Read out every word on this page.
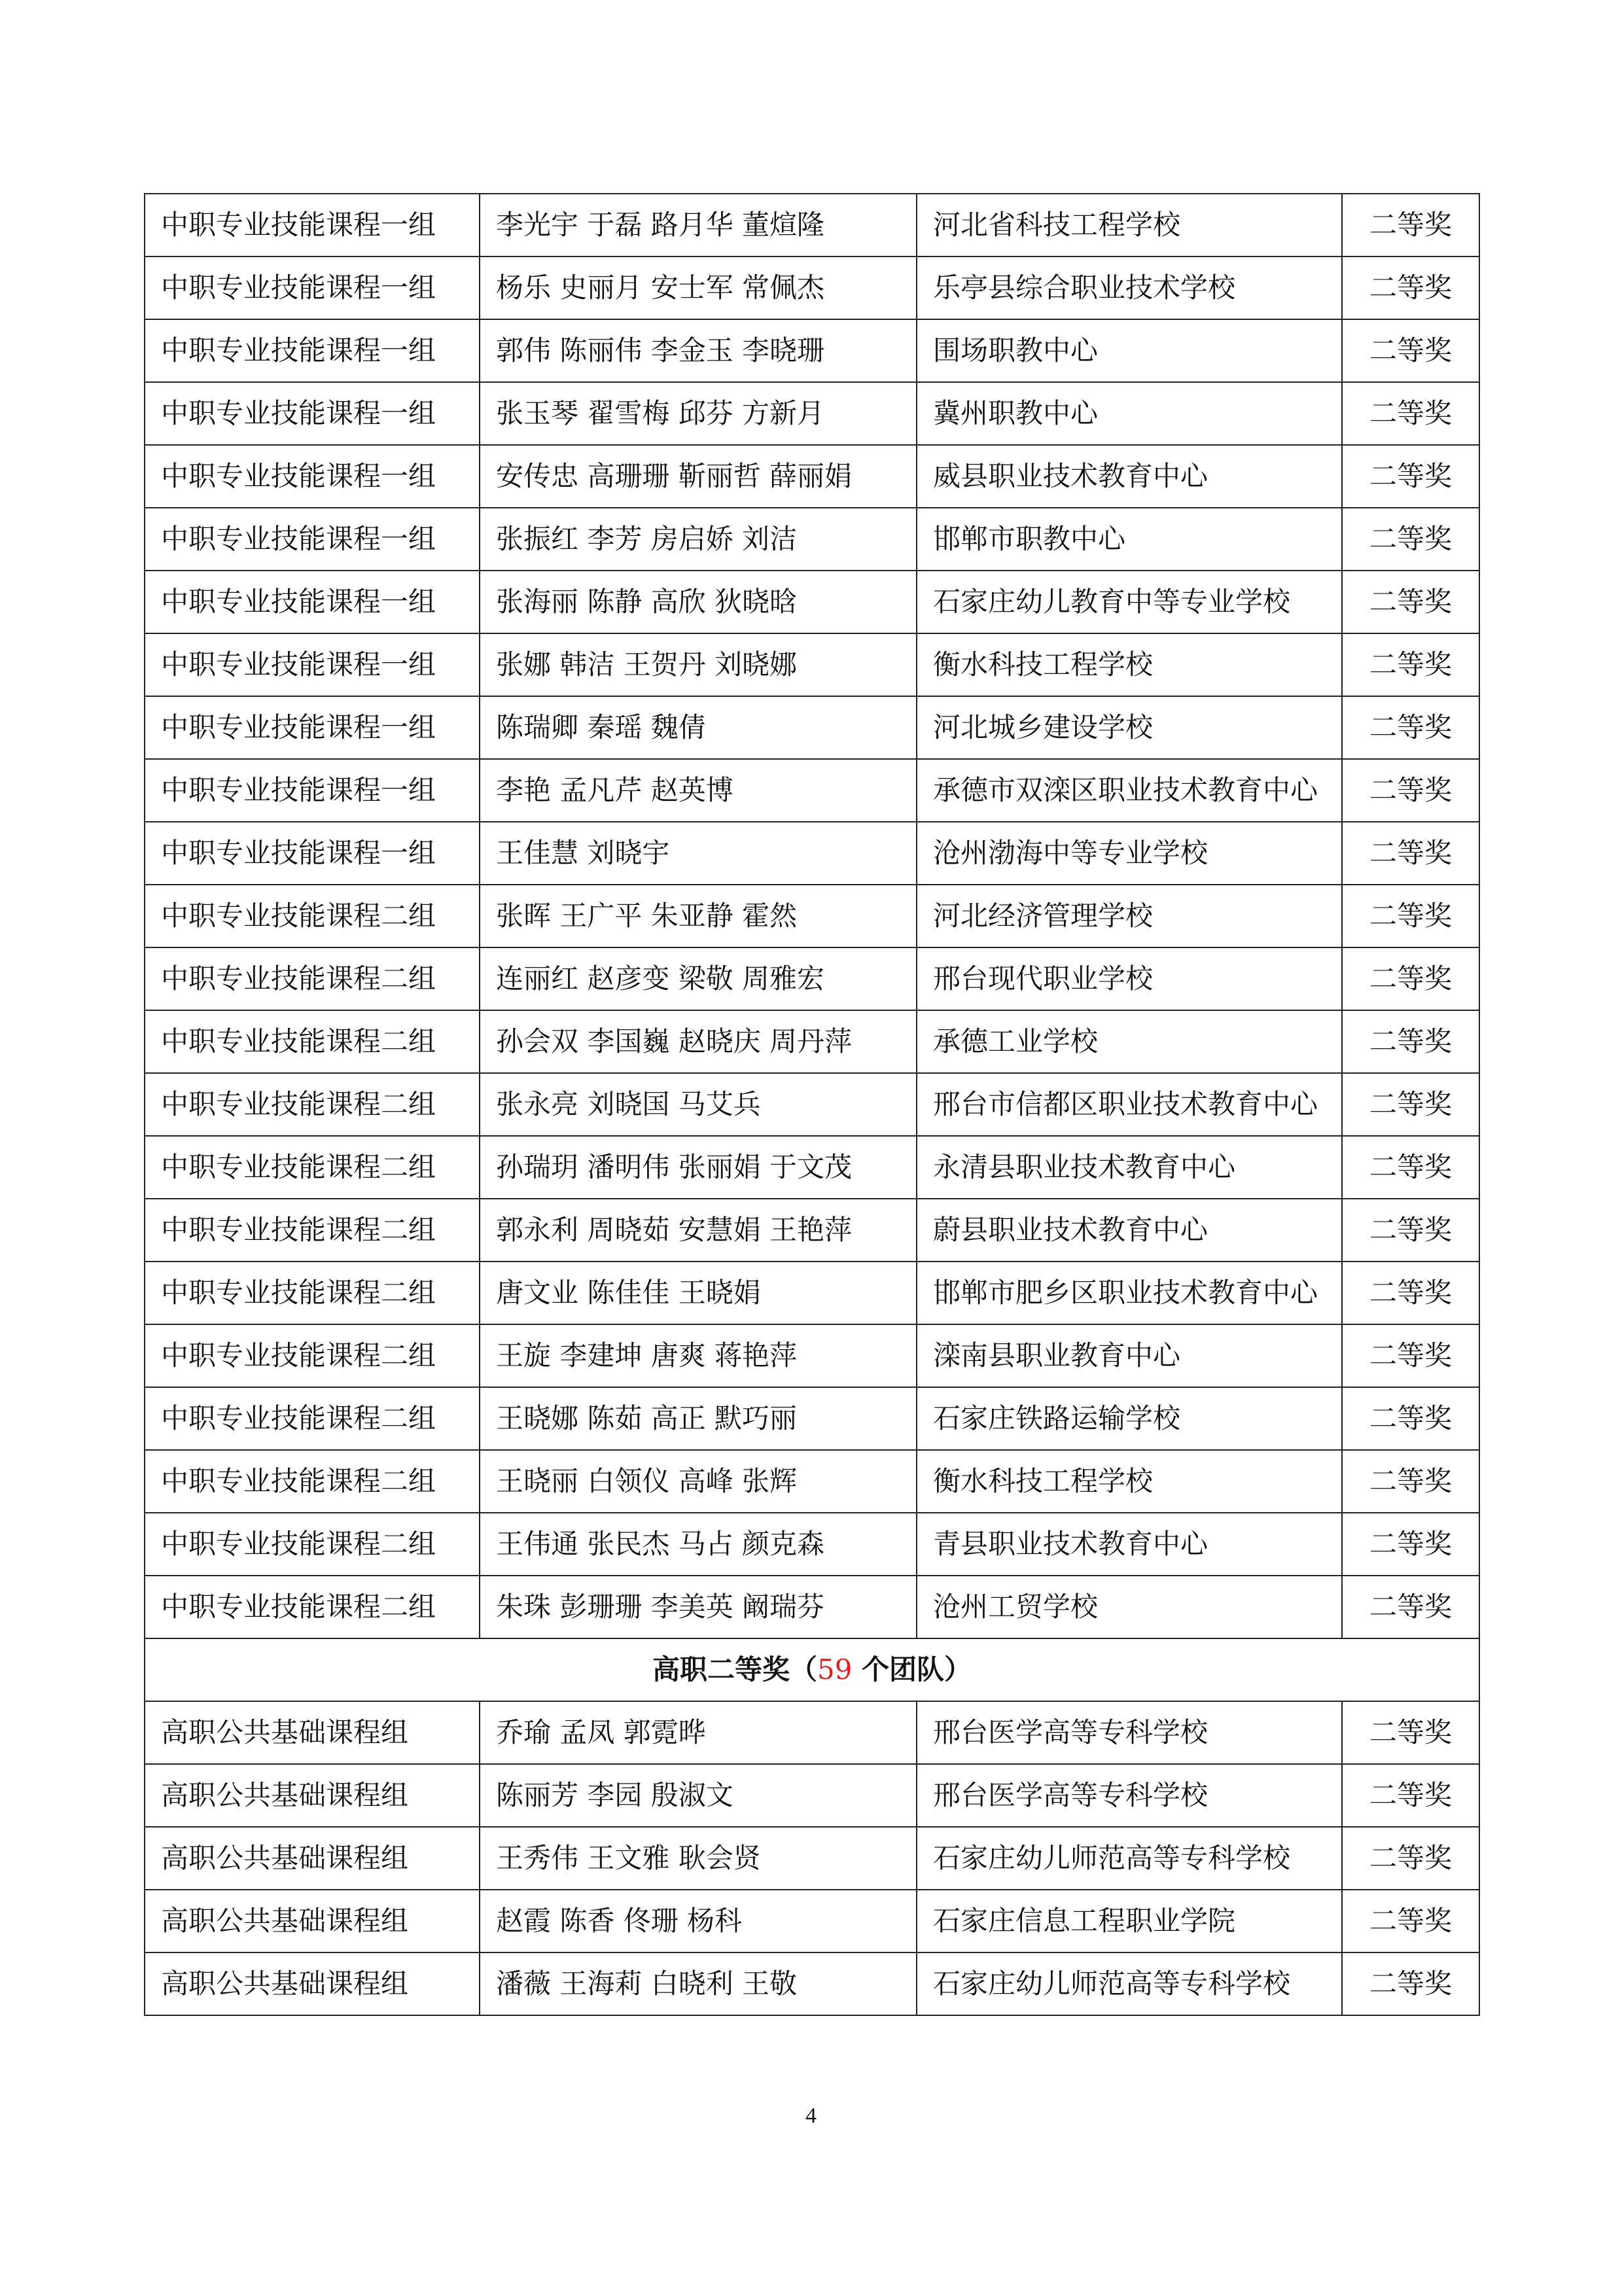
中职专业技能课程一组	李光宇 于磊 路月华 董煊隆	河北省科技工程学校	二等奖
中职专业技能课程一组	杨乐 史丽月 安士军 常佩杰	乐亭县综合职业技术学校	二等奖
中职专业技能课程一组	郭伟 陈丽伟 李金玉 李晓珊	围场职教中心	二等奖
中职专业技能课程一组	张玉琴 翟雪梅 邱芬 方新月	冀州职教中心	二等奖
中职专业技能课程一组	安传忠 高珊珊 靳丽哲 薛丽娟	威县职业技术教育中心	二等奖
中职专业技能课程一组	张振红 李芳 房启娇 刘洁	邯郸市职教中心	二等奖
中职专业技能课程一组	张海丽 陈静 高欣 狄晓晗	石家庄幼儿教育中等专业学校	二等奖
中职专业技能课程一组	张娜 韩洁 王贺丹 刘晓娜	衡水科技工程学校	二等奖
中职专业技能课程一组	陈瑞卿 秦瑶 魏倩	河北城乡建设学校	二等奖
中职专业技能课程一组	李艳 孟凡芹 赵英博	承德市双滦区职业技术教育中心	二等奖
中职专业技能课程一组	王佳慧 刘晓宇	沧州渤海中等专业学校	二等奖
中职专业技能课程二组	张晖 王广平 朱亚静 霍然	河北经济管理学校	二等奖
中职专业技能课程二组	连丽红 赵彦变 梁敬 周雅宏	邢台现代职业学校	二等奖
中职专业技能课程二组	孙会双 李国巍 赵晓庆 周丹萍	承德工业学校	二等奖
中职专业技能课程二组	张永亮 刘晓国 马艾兵	邢台市信都区职业技术教育中心	二等奖
中职专业技能课程二组	孙瑞玥 潘明伟 张丽娟 于文茂	永清县职业技术教育中心	二等奖
中职专业技能课程二组	郭永利 周晓茹 安慧娟 王艳萍	蔚县职业技术教育中心	二等奖
中职专业技能课程二组	唐文业 陈佳佳 王晓娟	邯郸市肥乡区职业技术教育中心	二等奖
中职专业技能课程二组	王旋 李建坤 唐爽 蒋艳萍	滦南县职业教育中心	二等奖
中职专业技能课程二组	王晓娜 陈茹 高正 默巧丽	石家庄铁路运输学校	二等奖
中职专业技能课程二组	王晓丽 白领仪 高峰 张辉	衡水科技工程学校	二等奖
中职专业技能课程二组	王伟通 张民杰 马占 颜克森	青县职业技术教育中心	二等奖
中职专业技能课程二组	朱珠 彭珊珊 李美英 阚瑞芬	沧州工贸学校	二等奖
高职二等奖（59 个团队）			
高职公共基础课程组	乔瑜 孟凤 郭霓晔	邢台医学高等专科学校	二等奖
高职公共基础课程组	陈丽芳 李园 殷淑文	邢台医学高等专科学校	二等奖
高职公共基础课程组	王秀伟 王文雅 耿会贤	石家庄幼儿师范高等专科学校	二等奖
高职公共基础课程组	赵霞 陈香 佟珊 杨科	石家庄信息工程职业学院	二等奖
高职公共基础课程组	潘薇 王海莉 白晓利 王敬	石家庄幼儿师范高等专科学校	二等奖
4
